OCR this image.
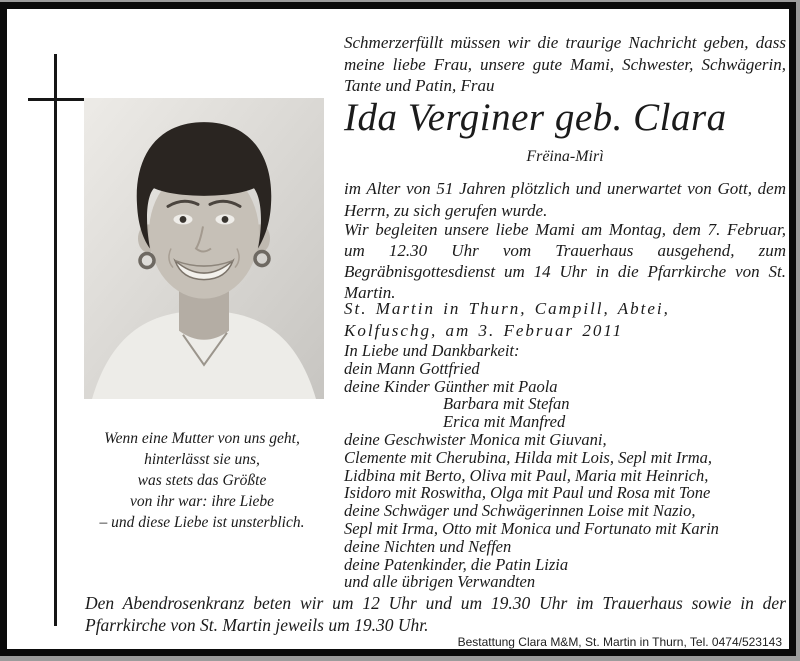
Wenn eine Mutter von uns geht,
hinterlässt sie uns,
was stets das Größte
von ihr war: ihre Liebe
– und diese Liebe ist unsterblich.

Schmerzerfüllt müssen wir die traurige Nachricht geben, dass meine liebe Frau, unsere gute Mami, Schwester, Schwägerin, Tante und Patin, Frau

Ida Verginer geb. Clara
Frëina-Mirì

im Alter von 51 Jahren plötzlich und unerwartet von Gott, dem Herrn, zu sich gerufen wurde.

Wir begleiten unsere liebe Mami am Montag, dem 7. Februar, um 12.30 Uhr vom Trauerhaus ausgehend, zum Begräbnisgottesdienst um 14 Uhr in die Pfarrkirche von St. Martin.

St. Martin in Thurn, Campill, Abtei,
Kolfuschg, am 3. Februar 2011
In Liebe und Dankbarkeit:
dein Mann Gottfried
deine Kinder Günther mit Paola
Barbara mit Stefan
Erica mit Manfred
deine Geschwister Monica mit Giuvani,
Clemente mit Cherubina, Hilda mit Lois, Sepl mit Irma,
Lidbina mit Berto, Oliva mit Paul, Maria mit Heinrich,
Isidoro mit Roswitha, Olga mit Paul und Rosa mit Tone
deine Schwäger und Schwägerinnen Loise mit Nazio,
Sepl mit Irma, Otto mit Monica und Fortunato mit Karin
deine Nichten und Neffen
deine Patenkinder, die Patin Lizia
und alle übrigen Verwandten

Den Abendrosenkranz beten wir um 12 Uhr und um 19.30 Uhr im Trauerhaus sowie in der Pfarrkirche von St. Martin jeweils um 19.30 Uhr.

Bestattung Clara M&M, St. Martin in Thurn, Tel. 0474/523143
